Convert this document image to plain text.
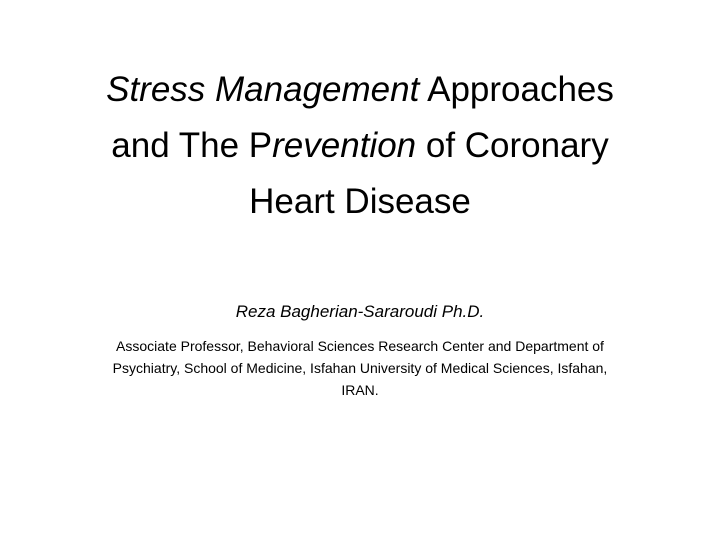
Stress Management Approaches
and The Prevention of Coronary
Heart Disease

Reza Bagherian-Sararoudi Ph.D.

Associate Professor, Behavioral Sciences Research Center and Department of
Psychiatry, School of Medicine, Isfahan University of Medical Sciences, Isfahan,
IRAN.
